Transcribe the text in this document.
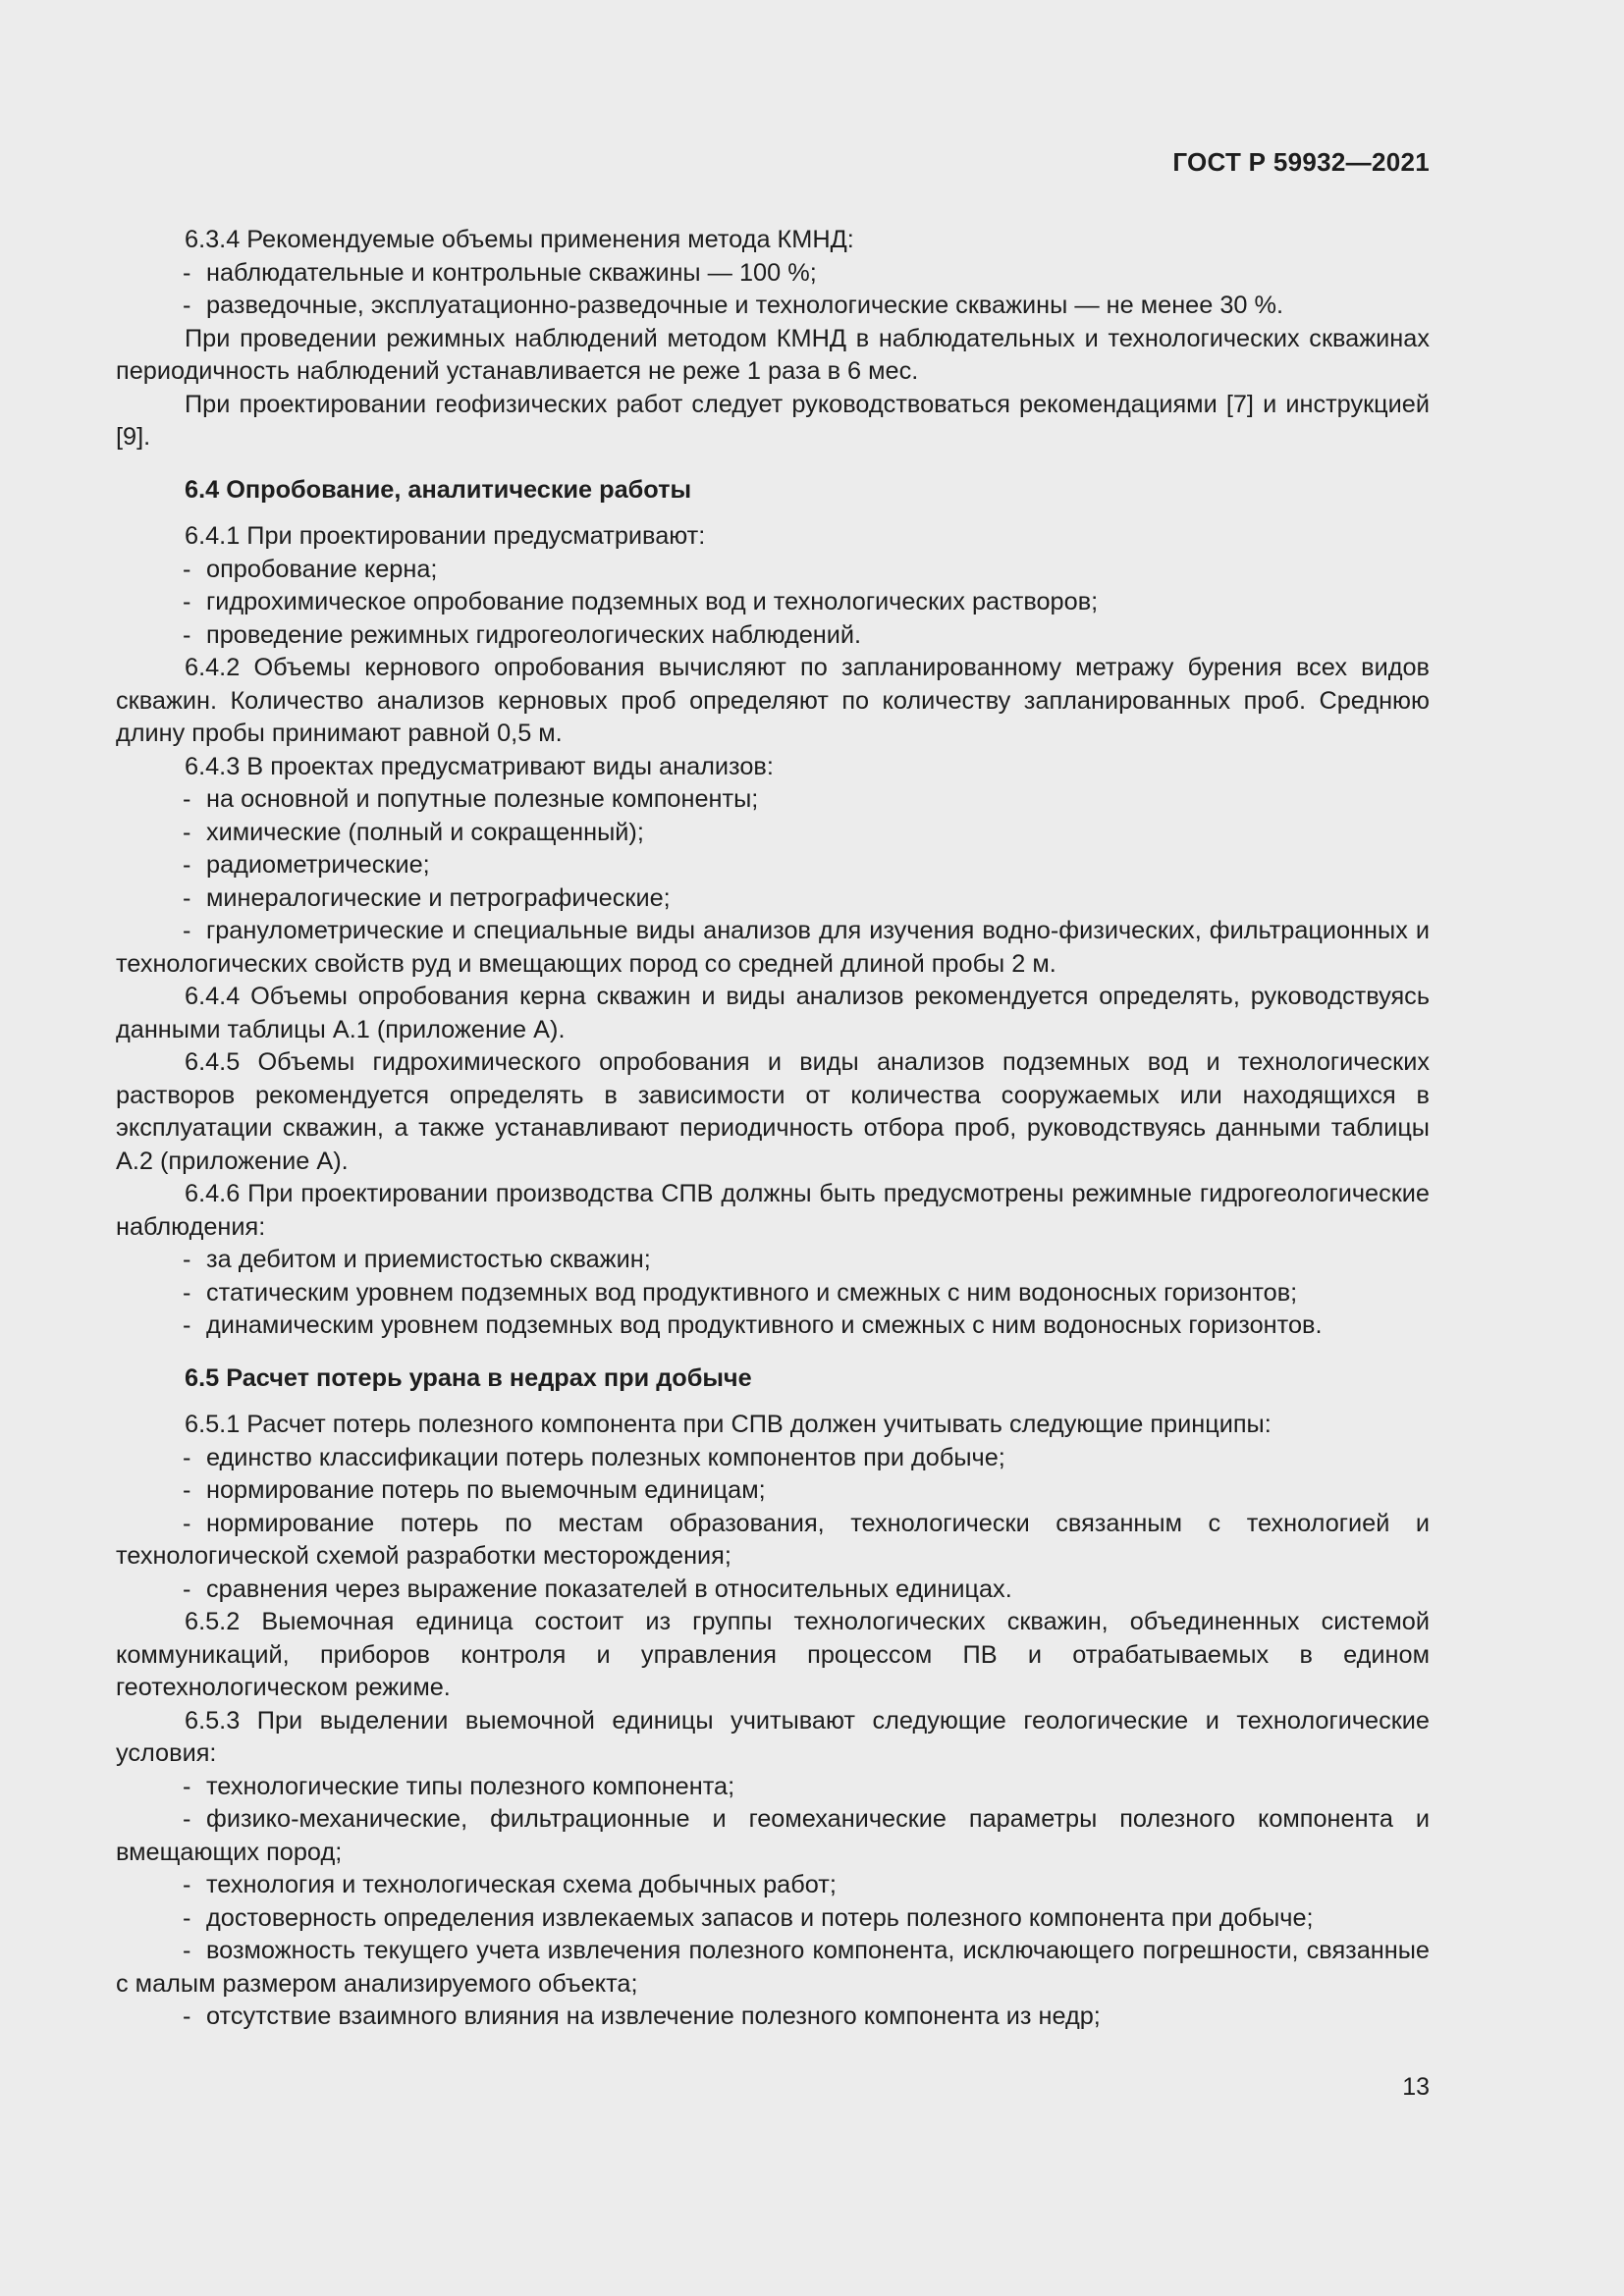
ГОСТ Р 59932—2021
6.3.4 Рекомендуемые объемы применения метода КМНД:
- наблюдательные и контрольные скважины — 100 %;
- разведочные, эксплуатационно-разведочные и технологические скважины — не менее 30 %.
При проведении режимных наблюдений методом КМНД в наблюдательных и технологических скважинах периодичность наблюдений устанавливается не реже 1 раза в 6 мес.
При проектировании геофизических работ следует руководствоваться рекомендациями [7] и инструкцией [9].
6.4 Опробование, аналитические работы
6.4.1 При проектировании предусматривают:
- опробование керна;
- гидрохимическое опробование подземных вод и технологических растворов;
- проведение режимных гидрогеологических наблюдений.
6.4.2 Объемы кернового опробования вычисляют по запланированному метражу бурения всех видов скважин. Количество анализов керновых проб определяют по количеству запланированных проб. Среднюю длину пробы принимают равной 0,5 м.
6.4.3 В проектах предусматривают виды анализов:
- на основной и попутные полезные компоненты;
- химические (полный и сокращенный);
- радиометрические;
- минералогические и петрографические;
- гранулометрические и специальные виды анализов для изучения водно-физических, фильтрационных и технологических свойств руд и вмещающих пород со средней длиной пробы 2 м.
6.4.4 Объемы опробования керна скважин и виды анализов рекомендуется определять, руководствуясь данными таблицы А.1 (приложение А).
6.4.5 Объемы гидрохимического опробования и виды анализов подземных вод и технологических растворов рекомендуется определять в зависимости от количества сооружаемых или находящихся в эксплуатации скважин, а также устанавливают периодичность отбора проб, руководствуясь данными таблицы А.2 (приложение А).
6.4.6 При проектировании производства СПВ должны быть предусмотрены режимные гидрогеологические наблюдения:
- за дебитом и приемистостью скважин;
- статическим уровнем подземных вод продуктивного и смежных с ним водоносных горизонтов;
- динамическим уровнем подземных вод продуктивного и смежных с ним водоносных горизонтов.
6.5 Расчет потерь урана в недрах при добыче
6.5.1 Расчет потерь полезного компонента при СПВ должен учитывать следующие принципы:
- единство классификации потерь полезных компонентов при добыче;
- нормирование потерь по выемочным единицам;
- нормирование потерь по местам образования, технологически связанным с технологией и технологической схемой разработки месторождения;
- сравнения через выражение показателей в относительных единицах.
6.5.2 Выемочная единица состоит из группы технологических скважин, объединенных системой коммуникаций, приборов контроля и управления процессом ПВ и отрабатываемых в едином геотехнологическом режиме.
6.5.3 При выделении выемочной единицы учитывают следующие геологические и технологические условия:
- технологические типы полезного компонента;
- физико-механические, фильтрационные и геомеханические параметры полезного компонента и вмещающих пород;
- технология и технологическая схема добычных работ;
- достоверность определения извлекаемых запасов и потерь полезного компонента при добыче;
- возможность текущего учета извлечения полезного компонента, исключающего погрешности, связанные с малым размером анализируемого объекта;
- отсутствие взаимного влияния на извлечение полезного компонента из недр;
13
